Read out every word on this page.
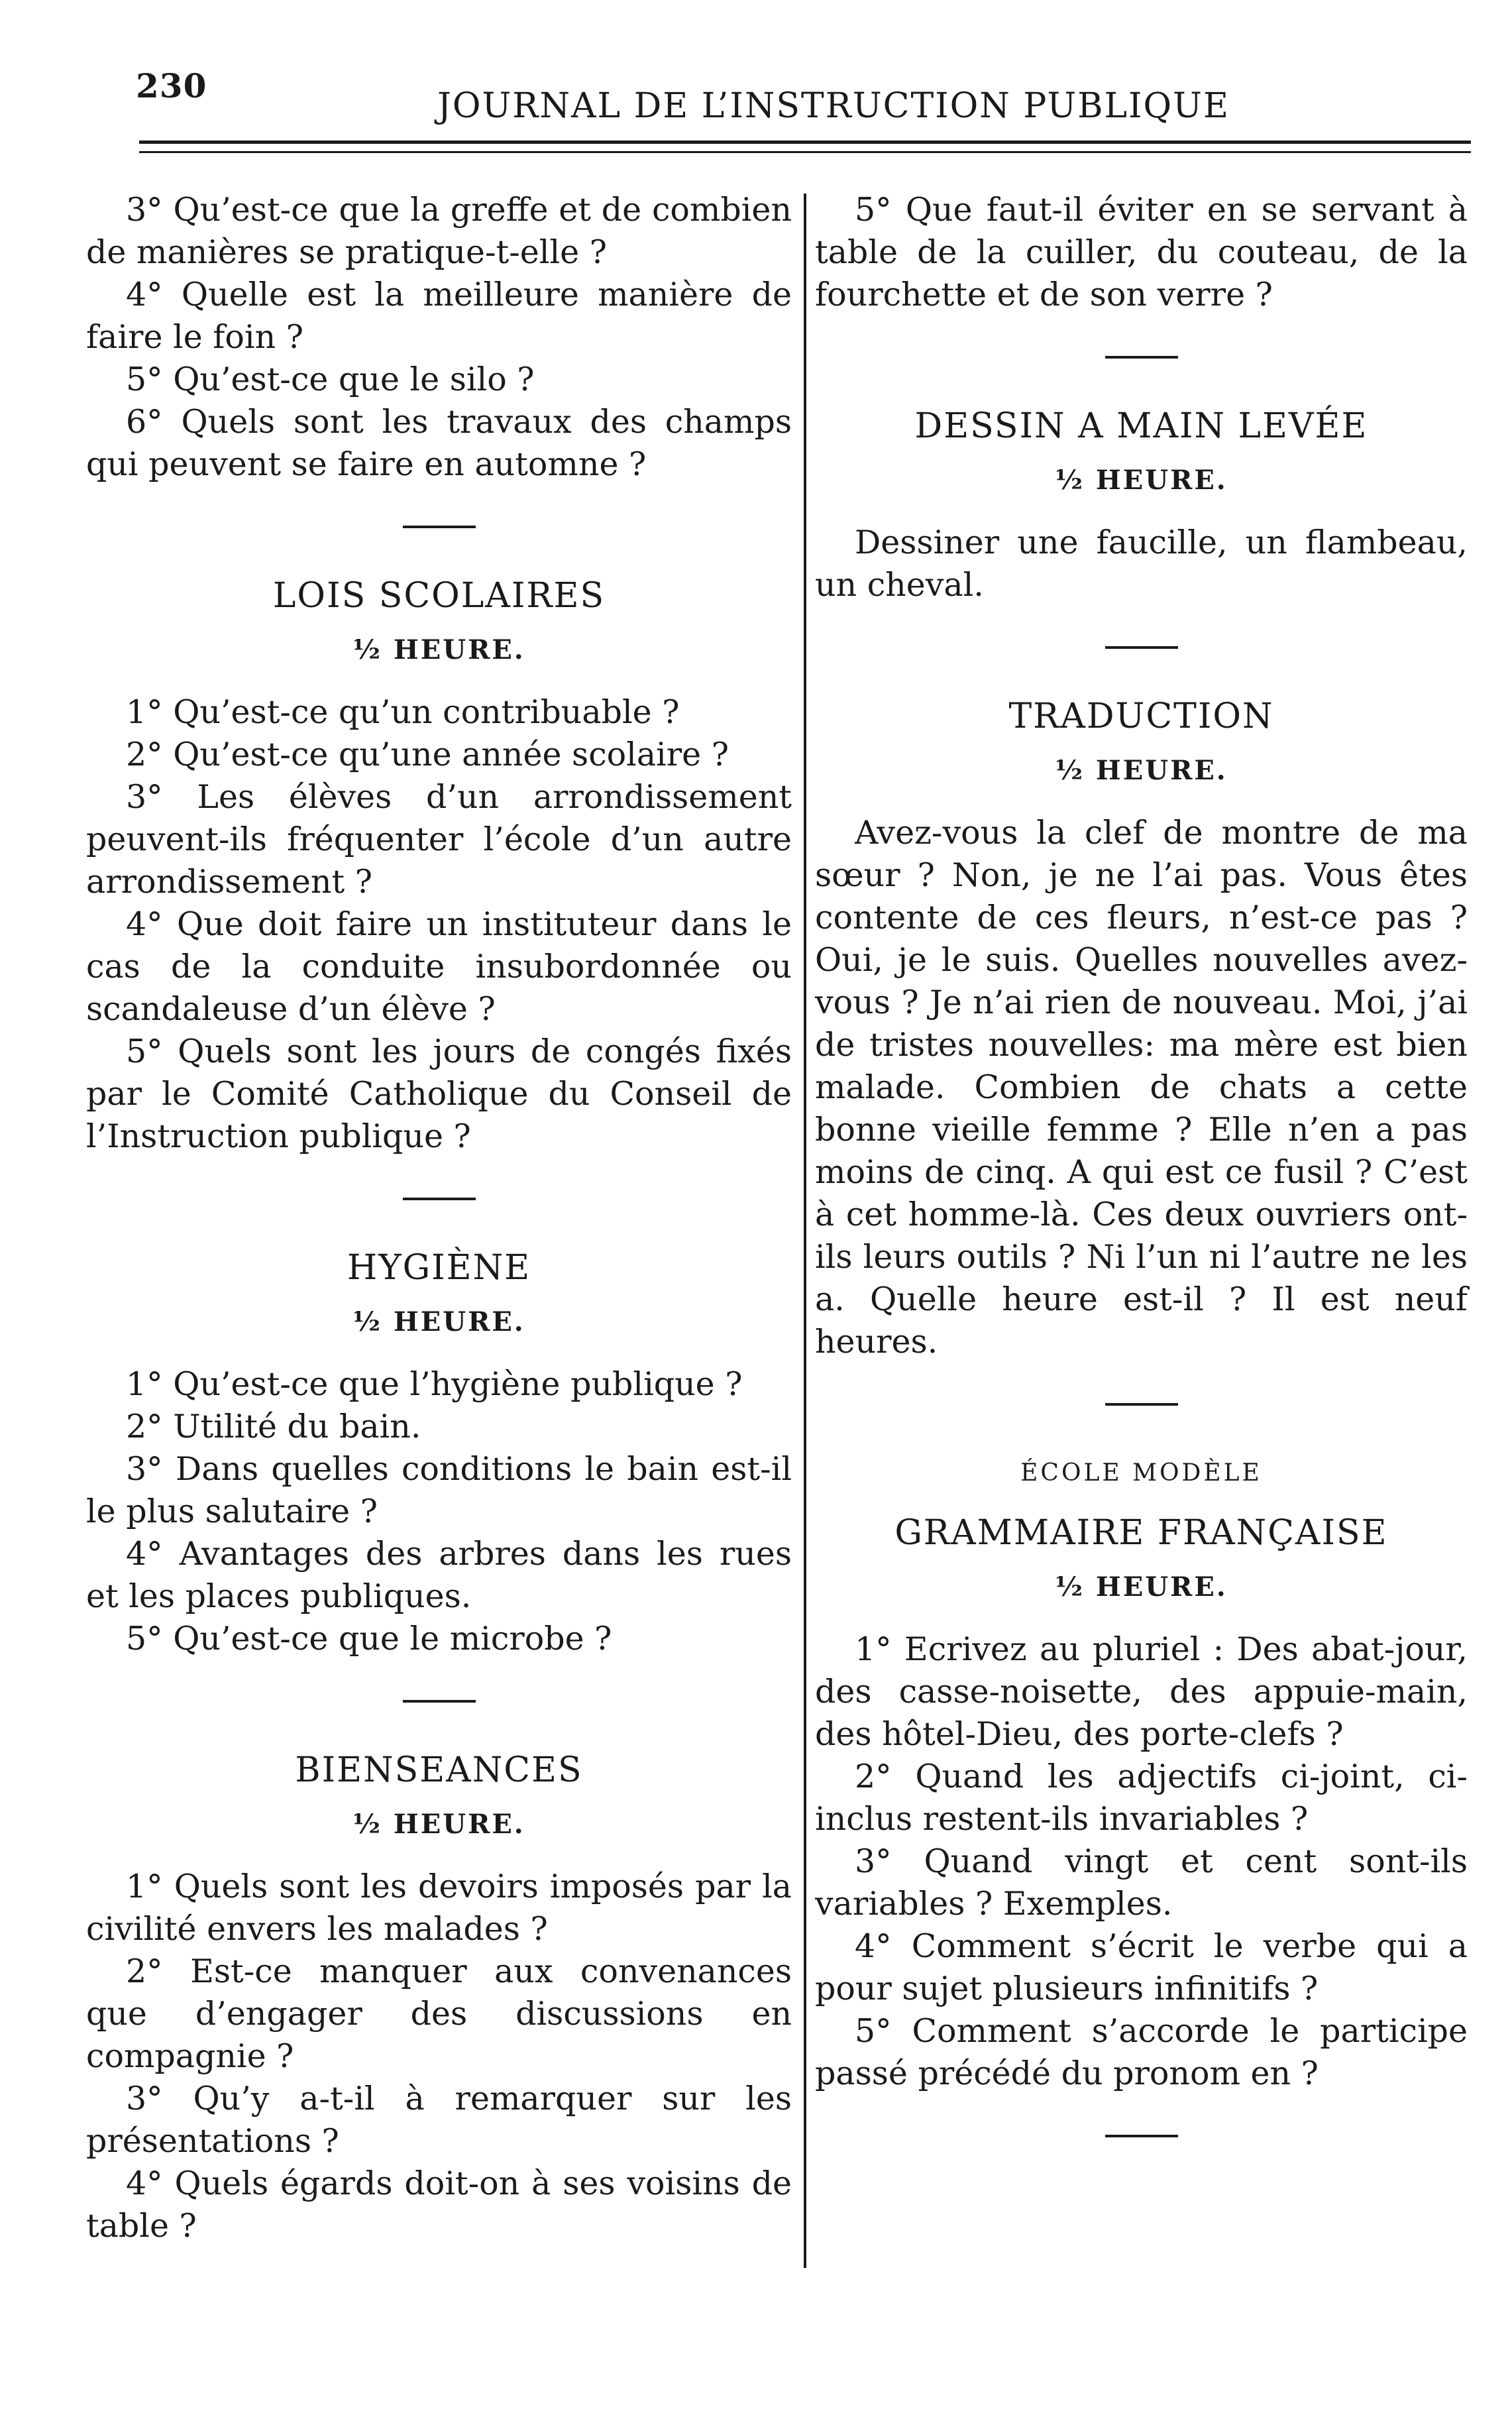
230
JOURNAL DE L’INSTRUCTION PUBLIQUE

3° Qu’est-ce que la greffe et de combien de manières se pratique-t-elle ?

4° Quelle est la meilleure manière de faire le foin ?

5° Qu’est-ce que le silo ?

6° Quels sont les travaux des champs qui peuvent se faire en automne ?

LOIS SCOLAIRES
½ HEURE.

1° Qu’est-ce qu’un contribuable ?

2° Qu’est-ce qu’une année scolaire ?

3° Les élèves d’un arrondissement peuvent-ils fréquenter l’école d’un autre arrondissement ?

4° Que doit faire un instituteur dans le cas de la conduite insubordonnée ou scandaleuse d’un élève ?

5° Quels sont les jours de congés fixés par le Comité Catholique du Conseil de l’Instruction publique ?

HYGIÈNE
½ HEURE.

1° Qu’est-ce que l’hygiène publique ?

2° Utilité du bain.

3° Dans quelles conditions le bain est-il le plus salutaire ?

4° Avantages des arbres dans les rues et les places publiques.

5° Qu’est-ce que le microbe ?

BIENSEANCES
½ HEURE.

1° Quels sont les devoirs imposés par la civilité envers les malades ?

2° Est-ce manquer aux convenances que d’engager des discussions en compagnie ?

3° Qu’y a-t-il à remarquer sur les présentations ?

4° Quels égards doit-on à ses voisins de table ?

5° Que faut-il éviter en se servant à table de la cuiller, du couteau, de la fourchette et de son verre ?

DESSIN A MAIN LEVÉE
½ HEURE.

Dessiner une faucille, un flambeau, un cheval.

TRADUCTION
½ HEURE.

Avez-vous la clef de montre de ma sœur ? Non, je ne l’ai pas. Vous êtes contente de ces fleurs, n’est-ce pas ? Oui, je le suis. Quelles nouvelles avez-vous ? Je n’ai rien de nouveau. Moi, j’ai de tristes nouvelles: ma mère est bien malade. Combien de chats a cette bonne vieille femme ? Elle n’en a pas moins de cinq. A qui est ce fusil ? C’est à cet homme-là. Ces deux ouvriers ont-ils leurs outils ? Ni l’un ni l’autre ne les a. Quelle heure est-il ? Il est neuf heures.

ÉCOLE MODÈLE
GRAMMAIRE FRANÇAISE
½ HEURE.

1° Ecrivez au pluriel : Des abat-jour, des casse-noisette, des appuie-main, des hôtel-Dieu, des porte-clefs ?

2° Quand les adjectifs ci-joint, ci-inclus restent-ils invariables ?

3° Quand vingt et cent sont-ils variables ? Exemples.

4° Comment s’écrit le verbe qui a pour sujet plusieurs infinitifs ?

5° Comment s’accorde le participe passé précédé du pronom en ?
